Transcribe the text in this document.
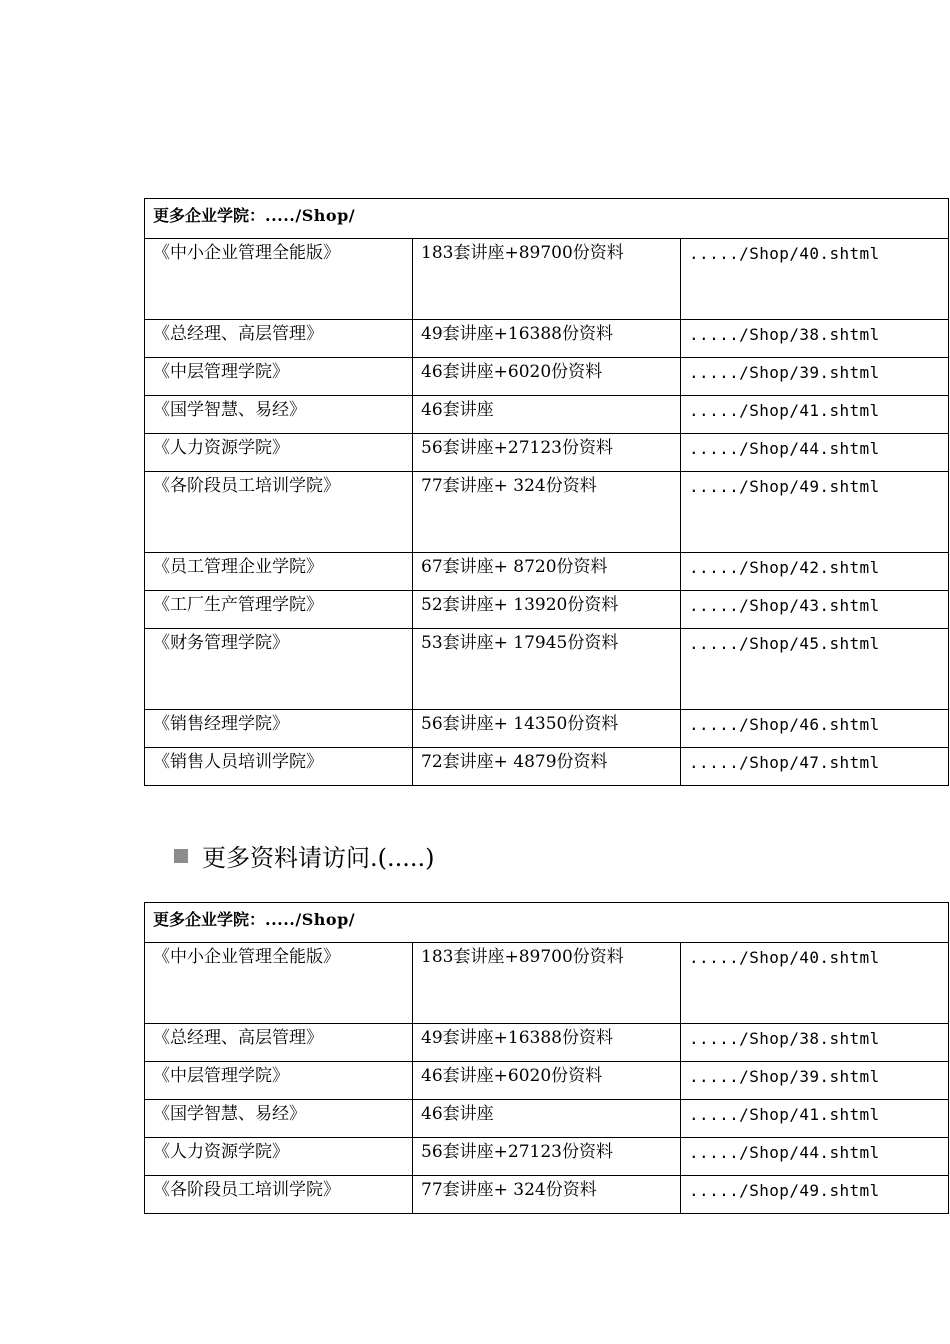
更多企业学院：...../Shop/		

《中小企业管理全能版》	183套讲座+89700份资料	...../Shop/40.shtml

《总经理、高层管理》	49套讲座+16388份资料	...../Shop/38.shtml

《中层管理学院》	46套讲座+6020份资料	...../Shop/39.shtml

《国学智慧、易经》	46套讲座	...../Shop/41.shtml

《人力资源学院》	56套讲座+27123份资料	...../Shop/44.shtml

《各阶段员工培训学院》	77套讲座+ 324份资料	...../Shop/49.shtml

《员工管理企业学院》	67套讲座+ 8720份资料	...../Shop/42.shtml

《工厂生产管理学院》	52套讲座+ 13920份资料	...../Shop/43.shtml

《财务管理学院》	53套讲座+ 17945份资料	...../Shop/45.shtml

《销售经理学院》	56套讲座+ 14350份资料	...../Shop/46.shtml

《销售人员培训学院》	72套讲座+ 4879份资料	...../Shop/47.shtml
更多资料请访问.(.....)
更多企业学院：...../Shop/		

《中小企业管理全能版》	183套讲座+89700份资料	...../Shop/40.shtml

《总经理、高层管理》	49套讲座+16388份资料	...../Shop/38.shtml

《中层管理学院》	46套讲座+6020份资料	...../Shop/39.shtml

《国学智慧、易经》	46套讲座	...../Shop/41.shtml

《人力资源学院》	56套讲座+27123份资料	...../Shop/44.shtml

《各阶段员工培训学院》	77套讲座+ 324份资料	...../Shop/49.shtml
